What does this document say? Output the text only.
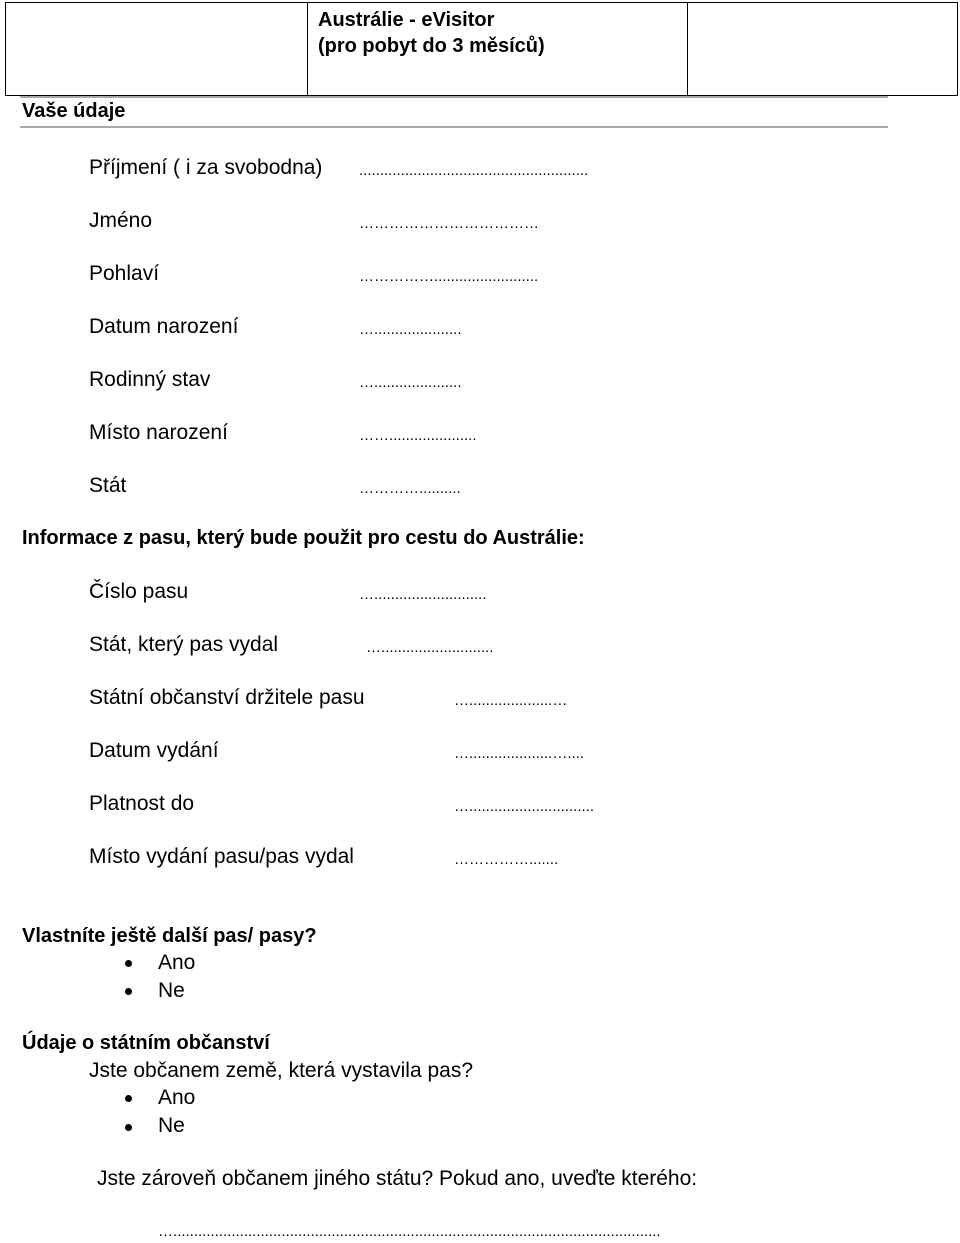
Austrálie - eVisitor
(pro pobyt do 3 měsíců)
Vaše údaje
Příjmení ( i za svobodna) .......................................................
Jméno	………………………………
Pohlaví	…………….........................
Datum narození	….....................
Rodinný stav	….....................
Místo narození	…….....................
Stát	…………..........
Informace z pasu, který bude použit pro cestu do Austrálie:
Číslo pasu	…...........................
Stát, který pas vydal	…...........................
Státní občanství držitele pasu	…....................…
Datum vydání	…....................…....
Platnost do	…..............................
Místo vydání pasu/pas vydal	…………….......
Vlastníte ještě další pas/ pasy?
Ano
Ne
Údaje o státním občanství
Jste občanem země, která vystavila pas?
Ano
Ne
Jste zároveň občanem jiného státu? Pokud ano, uveďte kterého:
….....................................................................................................................
